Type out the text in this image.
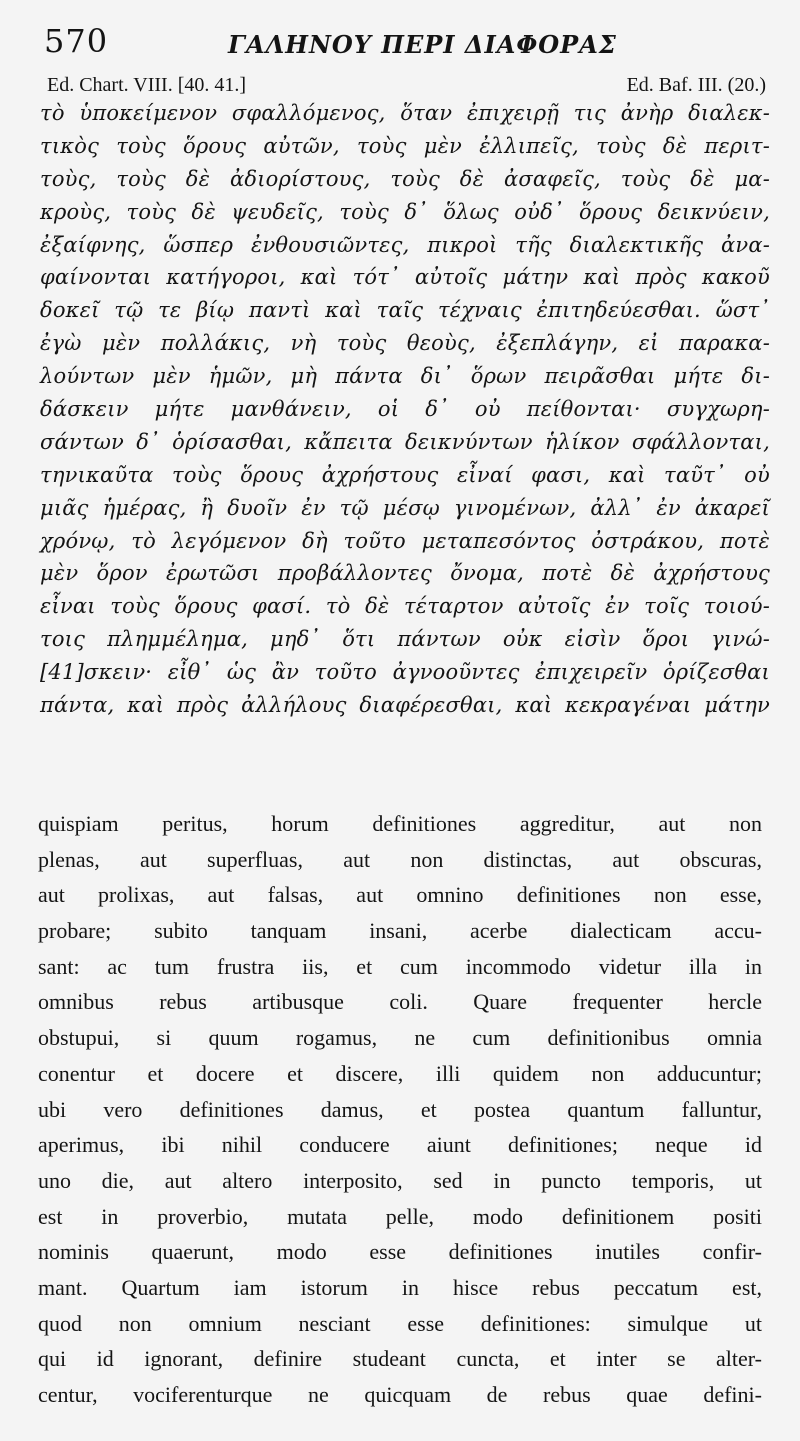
570	ΓΑΛΗΝΟΥ ΠΕΡΙ ΔΙΑΦΟΡΑΣ
Ed. Chart. VIII. [40. 41.]	Ed. Baf. III. (20.)
τὸ ὑποκείμενον σφαλλόμενος, ὅταν ἐπιχειρῇ τις ἀνὴρ διαλεκ-
τικὸς τοὺς ὅρους αὐτῶν, τοὺς μὲν ἐλλιπεῖς, τοὺς δὲ περιτ-
τοὺς, τοὺς δὲ ἀδιορίστους, τοὺς δὲ ἀσαφεῖς, τοὺς δὲ μα-
κροὺς, τοὺς δὲ ψευδεῖς, τοὺς δ᾽ ὅλως οὐδ᾽ ὅρους δεικνύειν,
ἐξαίφνης, ὥσπερ ἐνθουσιῶντες, πικροὶ τῆς διαλεκτικῆς ἀνα-
φαίνονται κατήγοροι, καὶ τότ᾽ αὐτοῖς μάτην καὶ πρὸς κακοῦ
δοκεῖ τῷ τε βίῳ παντὶ καὶ ταῖς τέχναις ἐπιτηδεύεσθαι. ὥστ᾽
ἐγὼ μὲν πολλάκις, νὴ τοὺς θεοὺς, ἐξεπλάγην, εἰ παρακα-
λούντων μὲν ἡμῶν, μὴ πάντα δι᾽ ὅρων πειρᾶσθαι μήτε δι-
δάσκειν μήτε μανθάνειν, οἱ δ᾽ οὐ πείθονται· συγχωρη-
σάντων δ᾽ ὁρίσασθαι, κἄπειτα δεικνύντων ἡλίκον σφάλλονται,
τηνικαῦτα τοὺς ὅρους ἀχρήστους εἶναί φασι, καὶ ταῦτ᾽ οὐ
μιᾶς ἡμέρας, ἢ δυοῖν ἐν τῷ μέσῳ γινομένων, ἀλλ᾽ ἐν ἀκαρεῖ
χρόνῳ, τὸ λεγόμενον δὴ τοῦτο μεταπεσόντος ὀστράκου, ποτὲ
μὲν ὅρον ἐρωτῶσι προβάλλοντες ὄνομα, ποτὲ δὲ ἀχρήστους
εἶναι τοὺς ὅρους φασί. τὸ δὲ τέταρτον αὐτοῖς ἐν τοῖς τοιού-
τοις πλημμέλημα, μηδ᾽ ὅτι πάντων οὐκ εἰσὶν ὅροι γινώ-
[41]σκειν· εἶθ᾽ ὡς ἂν τοῦτο ἀγνοοῦντες ἐπιχειρεῖν ὁρίζεσθαι
πάντα, καὶ πρὸς ἀλλήλους διαφέρεσθαι, καὶ κεκραγέναι μάτην
quispiam peritus, horum definitiones aggreditur, aut non
plenas, aut superfluas, aut non distinctas, aut obscuras,
aut prolixas, aut falsas, aut omnino definitiones non esse,
probare; subito tanquam insani, acerbe dialecticam accu-
sant: ac tum frustra iis, et cum incommodo videtur illa in
omnibus rebus artibusque coli. Quare frequenter hercle
obstupui, si quum rogamus, ne cum definitionibus omnia
conentur et docere et discere, illi quidem non adducuntur;
ubi vero definitiones damus, et postea quantum falluntur,
aperimus, ibi nihil conducere aiunt definitiones; neque id
uno die, aut altero interposito, sed in puncto temporis, ut
est in proverbio, mutata pelle, modo definitionem positi
nominis quaerunt, modo esse definitiones inutiles confir-
mant. Quartum iam istorum in hisce rebus peccatum est,
quod non omnium nesciant esse definitiones: simulque ut
qui id ignorant, definire studeant cuncta, et inter se alter-
centur, vociferenturque ne quicquam de rebus quae defini-
